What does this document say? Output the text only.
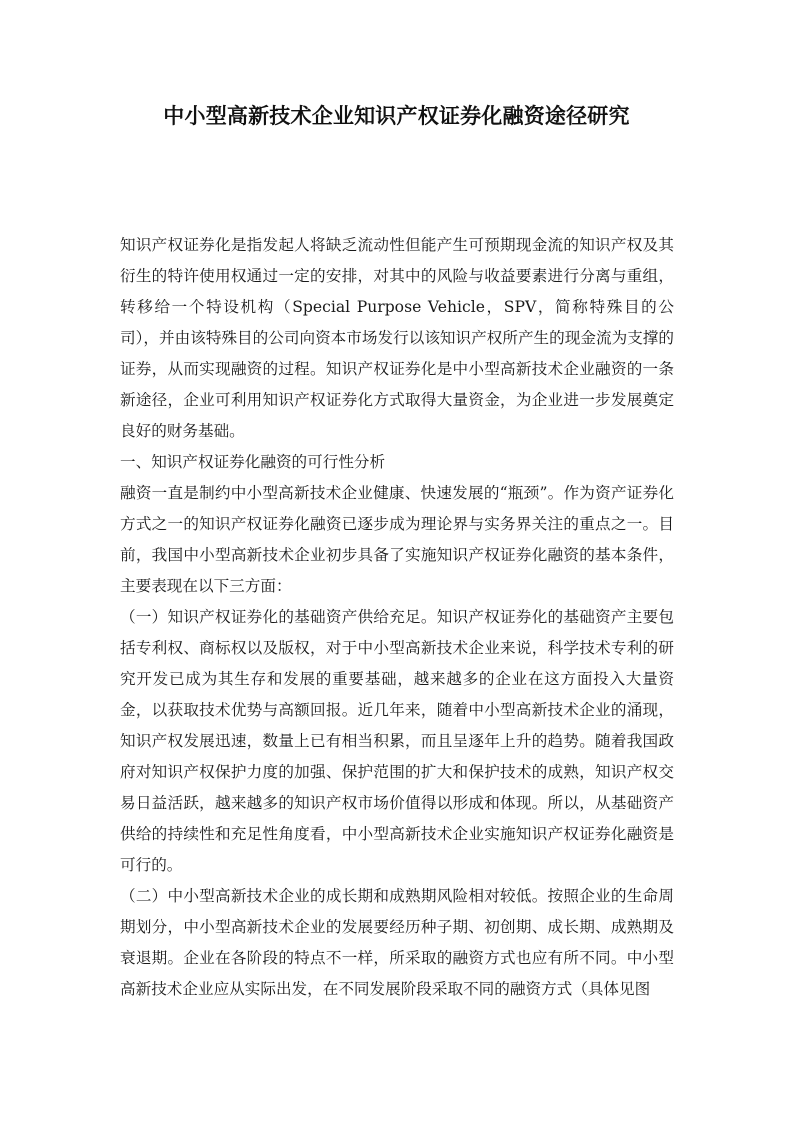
中小型高新技术企业知识产权证券化融资途径研究

知识产权证券化是指发起人将缺乏流动性但能产生可预期现金流的知识产权及其衍生的特许使用权通过一定的安排，对其中的风险与收益要素进行分离与重组，转移给一个特设机构（Special Purpose Vehicle，SPV，简称特殊目的公司），并由该特殊目的公司向资本市场发行以该知识产权所产生的现金流为支撑的证券，从而实现融资的过程。知识产权证券化是中小型高新技术企业融资的一条新途径，企业可利用知识产权证券化方式取得大量资金，为企业进一步发展奠定良好的财务基础。

一、知识产权证券化融资的可行性分析

融资一直是制约中小型高新技术企业健康、快速发展的“瓶颈”。作为资产证券化方式之一的知识产权证券化融资已逐步成为理论界与实务界关注的重点之一。目前，我国中小型高新技术企业初步具备了实施知识产权证券化融资的基本条件，主要表现在以下三方面：

（一）知识产权证券化的基础资产供给充足。知识产权证券化的基础资产主要包括专利权、商标权以及版权，对于中小型高新技术企业来说，科学技术专利的研究开发已成为其生存和发展的重要基础，越来越多的企业在这方面投入大量资金，以获取技术优势与高额回报。近几年来，随着中小型高新技术企业的涌现，知识产权发展迅速，数量上已有相当积累，而且呈逐年上升的趋势。随着我国政府对知识产权保护力度的加强、保护范围的扩大和保护技术的成熟，知识产权交易日益活跃，越来越多的知识产权市场价值得以形成和体现。所以，从基础资产供给的持续性和充足性角度看，中小型高新技术企业实施知识产权证券化融资是可行的。

（二）中小型高新技术企业的成长期和成熟期风险相对较低。按照企业的生命周期划分，中小型高新技术企业的发展要经历种子期、初创期、成长期、成熟期及衰退期。企业在各阶段的特点不一样，所采取的融资方式也应有所不同。中小型高新技术企业应从实际出发，在不同发展阶段采取不同的融资方式（具体见图
